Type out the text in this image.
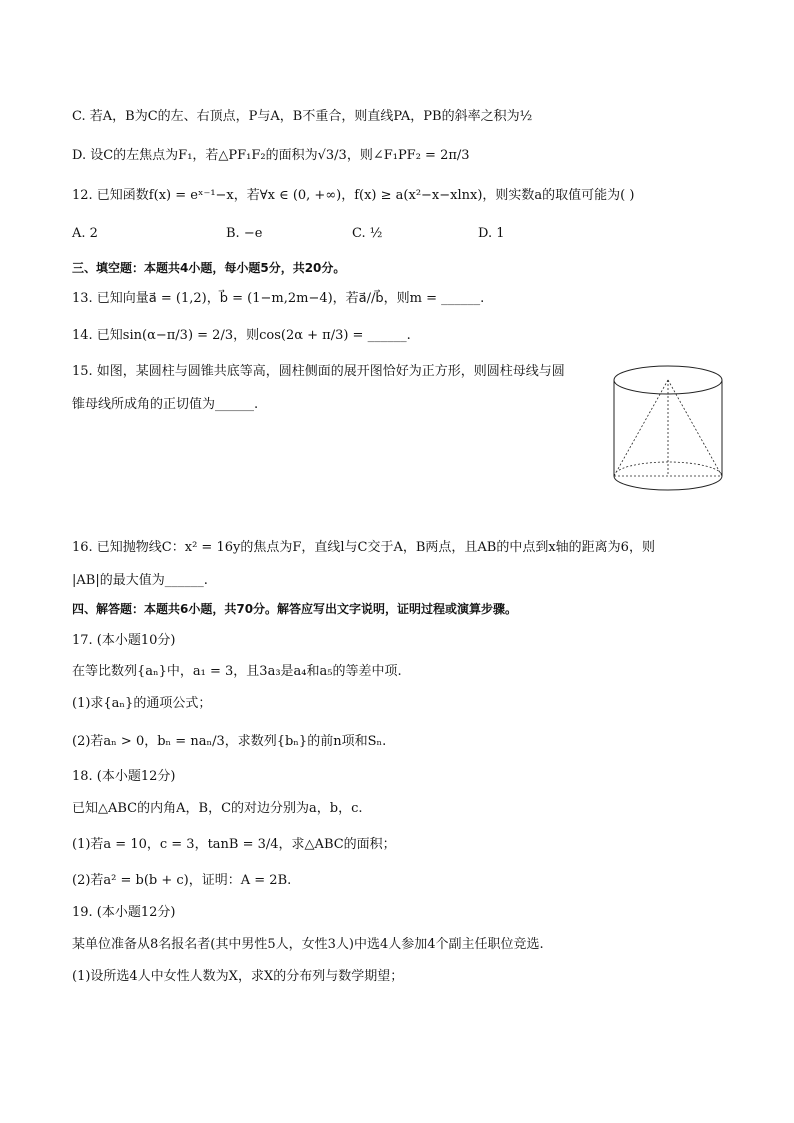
C. 若A，B为C的左、右顶点，P与A，B不重合，则直线PA，PB的斜率之积为½
D. 设C的左焦点为F₁，若△PF₁F₂的面积为√3/3，则∠F₁PF₂ = 2π/3
12. 已知函数f(x) = eˣ⁻¹−x，若∀x ∈ (0, +∞)，f(x) ≥ a(x²−x−xlnx)，则实数a的取值可能为( )
A. 2	B. −e	C. ½	D. 1
三、填空题：本题共4小题，每小题5分，共20分。
13. 已知向量a⃗ = (1,2)，b⃗ = (1−m,2m−4)，若a⃗//b⃗，则m = ______.
14. 已知sin(α−π/3) = 2/3，则cos(2α + π/3) = ______.
15. 如图，某圆柱与圆锥共底等高，圆柱侧面的展开图恰好为正方形，则圆柱母线与圆
锥母线所成角的正切值为______.
16. 已知抛物线C：x² = 16y的焦点为F，直线l与C交于A，B两点，且AB的中点到x轴的距离为6，则
|AB|的最大值为______.
四、解答题：本题共6小题，共70分。解答应写出文字说明，证明过程或演算步骤。
17. (本小题10分)
在等比数列{aₙ}中，a₁ = 3，且3a₃是a₄和a₅的等差中项.
(1)求{aₙ}的通项公式；
(2)若aₙ > 0，bₙ = naₙ/3，求数列{bₙ}的前n项和Sₙ.
18. (本小题12分)
已知△ABC的内角A，B，C的对边分别为a，b，c.
(1)若a = 10，c = 3，tanB = 3/4，求△ABC的面积；
(2)若a² = b(b + c)，证明：A = 2B.
19. (本小题12分)
某单位准备从8名报名者(其中男性5人，女性3人)中选4人参加4个副主任职位竞选.
(1)设所选4人中女性人数为X，求X的分布列与数学期望；
